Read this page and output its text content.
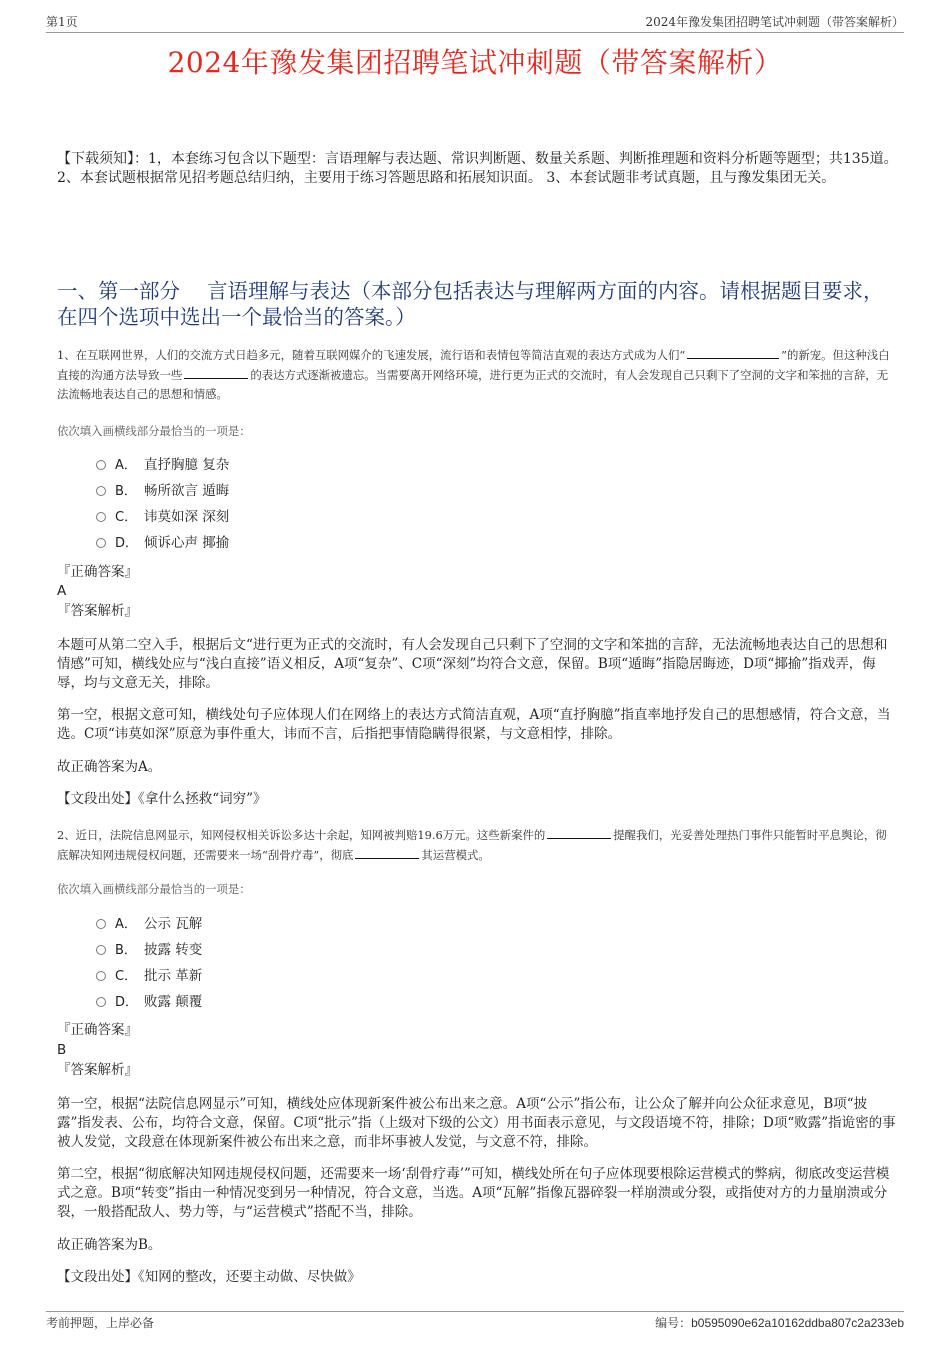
第1页	2024年豫发集团招聘笔试冲刺题（带答案解析）
2024年豫发集团招聘笔试冲刺题（带答案解析）
【下载须知】：1，本套练习包含以下题型：言语理解与表达题、常识判断题、数量关系题、判断推理题和资料分析题等题型；共135道。 2、本套试题根据常见招考题总结归纳，主要用于练习答题思路和拓展知识面。 3、本套试题非考试真题，且与豫发集团无关。
一、第一部分　 言语理解与表达（本部分包括表达与理解两方面的内容。请根据题目要求，在四个选项中选出一个最恰当的答案。）
1、在互联网世界，人们的交流方式日趋多元，随着互联网媒介的飞速发展，流行语和表情包等简洁直观的表达方式成为人们“	”的新宠。但这种浅白直接的沟通方法导致一些	的表达方式逐渐被遗忘。当需要离开网络环境，进行更为正式的交流时，有人会发现自己只剩下了空洞的文字和笨拙的言辞，无法流畅地表达自己的思想和情感。
依次填入画横线部分最恰当的一项是：
A． 直抒胸臆 复杂
B． 畅所欲言 遁晦
C． 讳莫如深 深刻
D． 倾诉心声 揶揄
『正确答案』
A
『答案解析』
本题可从第二空入手，根据后文“进行更为正式的交流时，有人会发现自己只剩下了空洞的文字和笨拙的言辞，无法流畅地表达自己的思想和情感”可知，横线处应与“浅白直接”语义相反，A项“复杂”、C项“深刻”均符合文意，保留。B项“遁晦”指隐居晦迹，D项“揶揄”指戏弄，侮辱，均与文意无关，排除。
第一空，根据文意可知，横线处句子应体现人们在网络上的表达方式简洁直观，A项“直抒胸臆”指直率地抒发自己的思想感情，符合文意，当选。C项“讳莫如深”原意为事件重大，讳而不言，后指把事情隐瞒得很紧，与文意相悖，排除。
故正确答案为A。
【文段出处】《拿什么拯救“词穷”》
2、近日，法院信息网显示，知网侵权相关诉讼多达十余起，知网被判赔19.6万元。这些新案件的	提醒我们，光妥善处理热门事件只能暂时平息舆论，彻底解决知网违规侵权问题，还需要来一场“刮骨疗毒”，彻底	其运营模式。
依次填入画横线部分最恰当的一项是：
A． 公示 瓦解
B． 披露 转变
C． 批示 革新
D． 败露 颠覆
『正确答案』
B
『答案解析』
第一空，根据“法院信息网显示”可知，横线处应体现新案件被公布出来之意。A项“公示”指公布，让公众了解并向公众征求意见，B项“披露”指发表、公布，均符合文意，保留。C项“批示”指（上级对下级的公文）用书面表示意见，与文段语境不符，排除；D项“败露”指诡密的事被人发觉，文段意在体现新案件被公布出来之意，而非坏事被人发觉，与文意不符，排除。
第二空，根据“彻底解决知网违规侵权问题，还需要来一场‘刮骨疗毒’”可知，横线处所在句子应体现要根除运营模式的弊病，彻底改变运营模式之意。B项“转变”指由一种情况变到另一种情况，符合文意，当选。A项“瓦解”指像瓦器碎裂一样崩溃或分裂，或指使对方的力量崩溃或分裂，一般搭配敌人、势力等，与“运营模式”搭配不当，排除。
故正确答案为B。
【文段出处】《知网的整改，还要主动做、尽快做》
考前押题，上岸必备	编号：b0595090e62a10162ddba807c2a233eb
